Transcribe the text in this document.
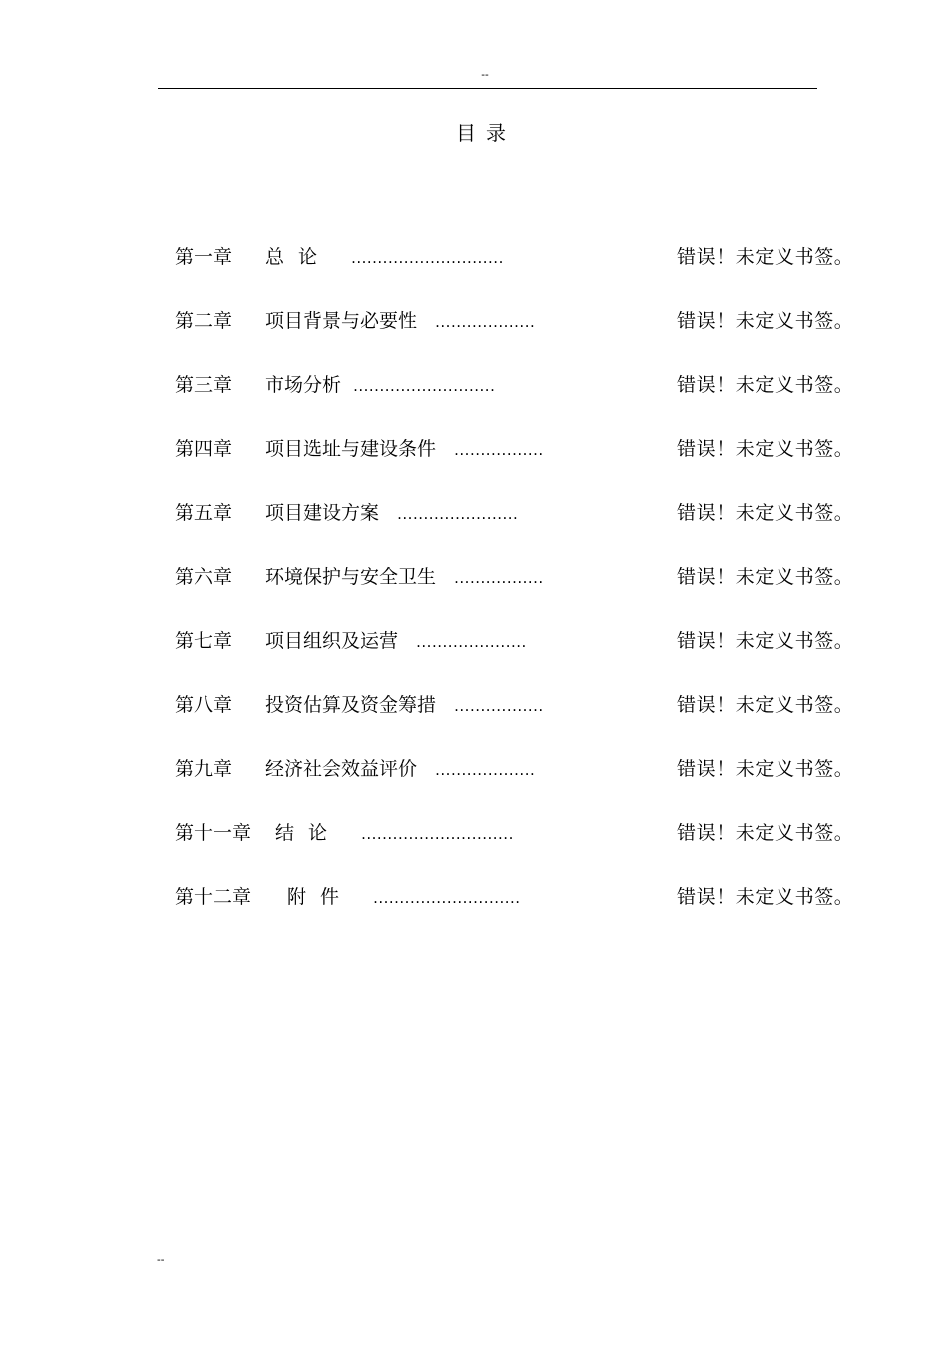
--
目录
第一章 总论 .............................	错误！未定义书签。
第二章 项目背景与必要性 ...................	错误！未定义书签。
第三章 市场分析 ...........................	错误！未定义书签。
第四章 项目选址与建设条件 .................	错误！未定义书签。
第五章 项目建设方案 .......................	错误！未定义书签。
第六章 环境保护与安全卫生 .................	错误！未定义书签。
第七章 项目组织及运营 .....................	错误！未定义书签。
第八章 投资估算及资金筹措 .................	错误！未定义书签。
第九章 经济社会效益评价 ...................	错误！未定义书签。
第十一章 结论 .............................	错误！未定义书签。
第十二章 附件 ............................	错误！未定义书签。
--
